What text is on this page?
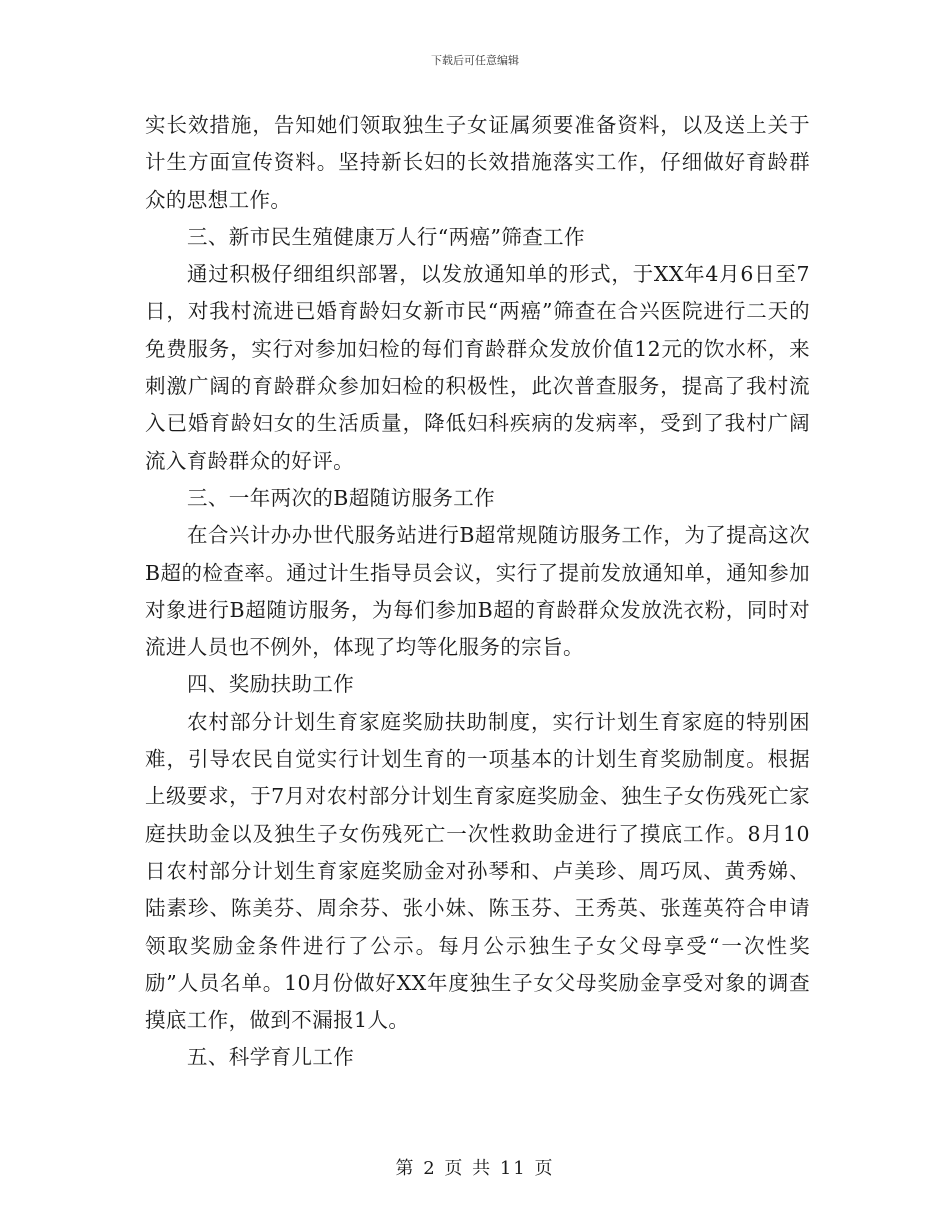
下载后可任意编辑

实长效措施，告知她们领取独生子女证属须要准备资料，以及送上关于计生方面宣传资料。坚持新长妇的长效措施落实工作，仔细做好育龄群众的思想工作。

三、新市民生殖健康万人行“两癌”筛查工作

通过积极仔细组织部署，以发放通知单的形式，于XX年4月6日至7日，对我村流进已婚育龄妇女新市民“两癌”筛查在合兴医院进行二天的免费服务，实行对参加妇检的每们育龄群众发放价值12元的饮水杯，来刺激广阔的育龄群众参加妇检的积极性，此次普查服务，提高了我村流入已婚育龄妇女的生活质量，降低妇科疾病的发病率，受到了我村广阔流入育龄群众的好评。

三、一年两次的B超随访服务工作

在合兴计办办世代服务站进行B超常规随访服务工作，为了提高这次B超的检查率。通过计生指导员会议，实行了提前发放通知单，通知参加对象进行B超随访服务，为每们参加B超的育龄群众发放洗衣粉，同时对流进人员也不例外，体现了均等化服务的宗旨。

四、奖励扶助工作

农村部分计划生育家庭奖励扶助制度，实行计划生育家庭的特别困难，引导农民自觉实行计划生育的一项基本的计划生育奖励制度。根据上级要求，于7月对农村部分计划生育家庭奖励金、独生子女伤残死亡家庭扶助金以及独生子女伤残死亡一次性救助金进行了摸底工作。8月10日农村部分计划生育家庭奖励金对孙琴和、卢美珍、周巧凤、黄秀娣、陆素珍、陈美芬、周余芬、张小妹、陈玉芬、王秀英、张莲英符合申请领取奖励金条件进行了公示。每月公示独生子女父母享受“一次性奖励”人员名单。10月份做好XX年度独生子女父母奖励金享受对象的调查摸底工作，做到不漏报1人。

五、科学育儿工作

第 2 页 共 11 页
